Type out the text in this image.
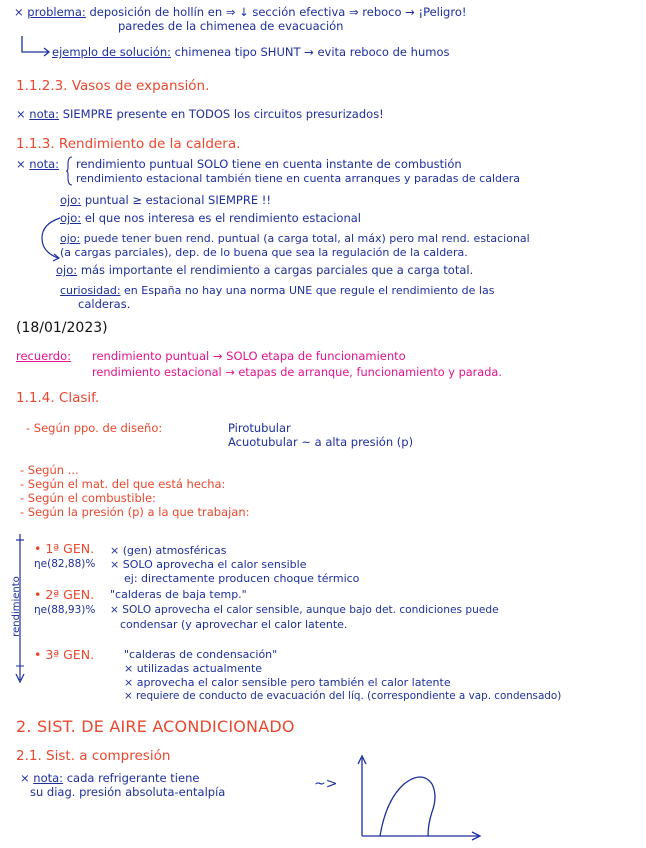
× problema: deposición de hollín en ⇒ ↓ sección efectiva ⇒ reboco → ¡Peligro!
paredes de la chimenea de evacuación
ejemplo de solución: chimenea tipo SHUNT → evita reboco de humos
1.1.2.3. Vasos de expansión.
× nota: SIEMPRE presente en TODOS los circuitos presurizados!
1.1.3. Rendimiento de la caldera.
× nota: rendimiento puntual SOLO tiene en cuenta instante de combustión
rendimiento estacional también tiene en cuenta arranques y paradas de caldera
ojo: puntual ≥ estacional SIEMPRE !!
ojo: el que nos interesa es el rendimiento estacional
ojo: puede tener buen rend. puntual (a carga total, al máx) pero mal rend. estacional
(a cargas parciales), dep. de lo buena que sea la regulación de la caldera.
ojo: más importante el rendimiento a cargas parciales que a carga total.
curiosidad: en España no hay una norma UNE que regule el rendimiento de las
calderas.
(18/01/2023)
recuerdo: rendimiento puntual → SOLO etapa de funcionamiento
rendimiento estacional → etapas de arranque, funcionamiento y parada.
1.1.4. Clasif.
- Según ppo. de diseño:	Pirotubular
Acuotubular ~ a alta presión (p)
- Según ...
- Según el mat. del que está hecha:
- Según el combustible:
- Según la presión (p) a la que trabajan:
rendimiento
• 1ª GEN.
ηe(82,88)%
× (gen) atmosféricas
× SOLO aprovecha el calor sensible
ej: directamente producen choque térmico
• 2ª GEN.
ηe(88,93)%
"calderas de baja temp."
× SOLO aprovecha el calor sensible, aunque bajo det. condiciones puede
condensar (y aprovechar el calor latente.
• 3ª GEN.	"calderas de condensación"
× utilizadas actualmente
× aprovecha el calor sensible pero también el calor latente
× requiere de conducto de evacuación del líq. (correspondiente a vap. condensado)
2. SIST. DE AIRE ACONDICIONADO
2.1. Sist. a compresión
× nota: cada refrigerante tiene
su diag. presión absoluta-entalpía	~>
